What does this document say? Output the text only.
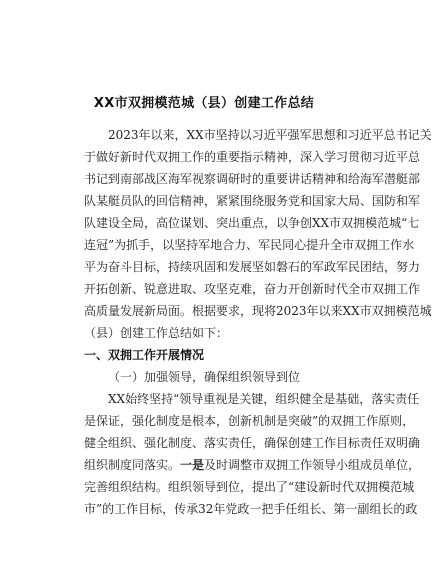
XX市双拥模范城（县）创建工作总结
2023年以来，XX市坚持以习近平强军思想和习近平总书记关
于做好新时代双拥工作的重要指示精神，深入学习贯彻习近平总
书记到南部战区海军视察调研时的重要讲话精神和给海军潜艇部
队某艇员队的回信精神，紧紧围绕服务党和国家大局、国防和军
队建设全局，高位谋划、突出重点，以争创XX市双拥模范城“七
连冠”为抓手，以坚持军地合力、军民同心提升全市双拥工作水
平为奋斗目标，持续巩固和发展坚如磐石的军政军民团结，努力
开拓创新、锐意进取、攻坚克难，奋力开创新时代全市双拥工作
高质量发展新局面。根据要求，现将2023年以来XX市双拥模范城
（县）创建工作总结如下：
一、双拥工作开展情况
（一）加强领导，确保组织领导到位
XX始终坚持“领导重视是关键，组织健全是基础，落实责任
是保证，强化制度是根本，创新机制是突破”的双拥工作原则，
健全组织、强化制度、落实责任，确保创建工作目标责任双明确
组织制度同落实。一是及时调整市双拥工作领导小组成员单位，
完善组织结构。组织领导到位，提出了“建设新时代双拥模范城
市”的工作目标，传承32年党政一把手任组长、第一副组长的政
